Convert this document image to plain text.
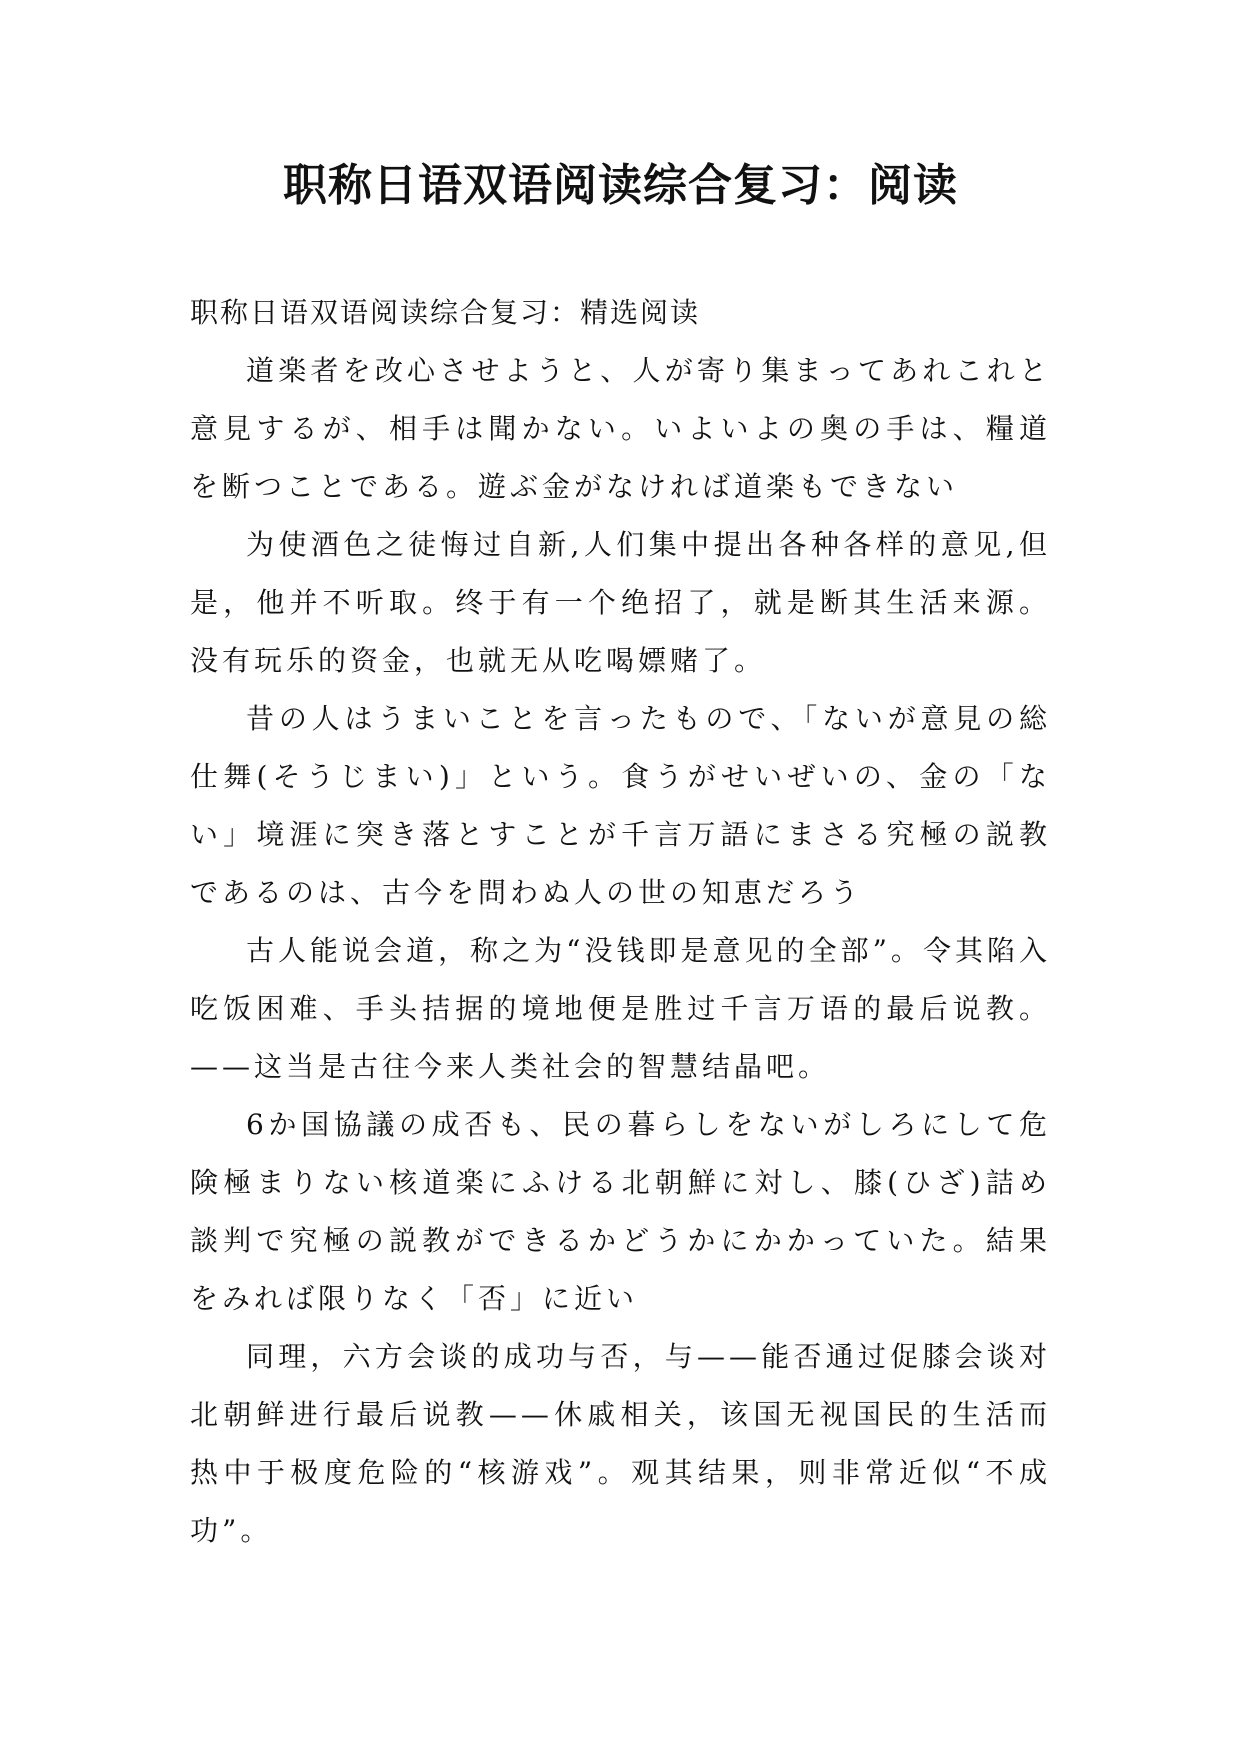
职称日语双语阅读综合复习：阅读

职称日语双语阅读综合复习：精选阅读

道楽者を改心させようと、人が寄り集まってあれこれと意見するが、相手は聞かない。いよいよの奥の手は、糧道を断つことである。遊ぶ金がなければ道楽もできない

为使酒色之徒悔过自新,人们集中提出各种各样的意见,但是，他并不听取。终于有一个绝招了，就是断其生活来源。没有玩乐的资金，也就无从吃喝嫖赌了。

昔の人はうまいことを言ったもので、「ないが意見の総仕舞(そうじまい)」という。食うがせいぜいの、金の「ない」境涯に突き落とすことが千言万語にまさる究極の説教であるのは、古今を問わぬ人の世の知恵だろう

古人能说会道，称之为“没钱即是意见的全部”。令其陷入吃饭困难、手头拮据的境地便是胜过千言万语的最后说教。——这当是古往今来人类社会的智慧结晶吧。

6か国協議の成否も、民の暮らしをないがしろにして危険極まりない核道楽にふける北朝鮮に対し、膝(ひざ)詰め談判で究極の説教ができるかどうかにかかっていた。結果をみれば限りなく「否」に近い

同理，六方会谈的成功与否，与——能否通过促膝会谈对北朝鲜进行最后说教——休戚相关，该国无视国民的生活而热中于极度危险的“核游戏”。观其结果，则非常近似“不成功”。
